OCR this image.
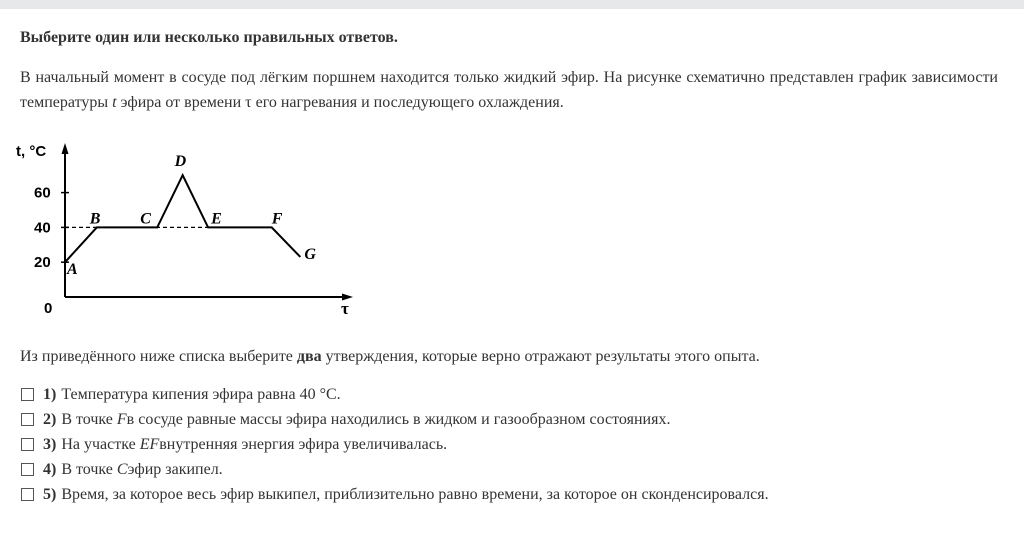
Выберите один или несколько правильных ответов.
В начальный момент в сосуде под лёгким поршнем находится только жидкий эфир. На рисунке схематично представлен график зависимости температуры t эфира от времени τ его нагревания и последующего охлаждения.
20
40
60
A
B C
D
E	F
G
t, °C
τ
0
Из приведённого ниже списка выберите два утверждения, которые верно отражают результаты этого опыта.
1) Температура кипения эфира равна 40 °C.
2) В точке
F в сосуде равные массы эфира находились в жидком и газообразном состояниях.
3) На участке
EF внутренняя энергия эфира увеличивалась.
4) В точке
C эфир закипел.
5) Время, за которое весь эфир выкипел, приблизительно равно времени, за которое он сконденсировался.
